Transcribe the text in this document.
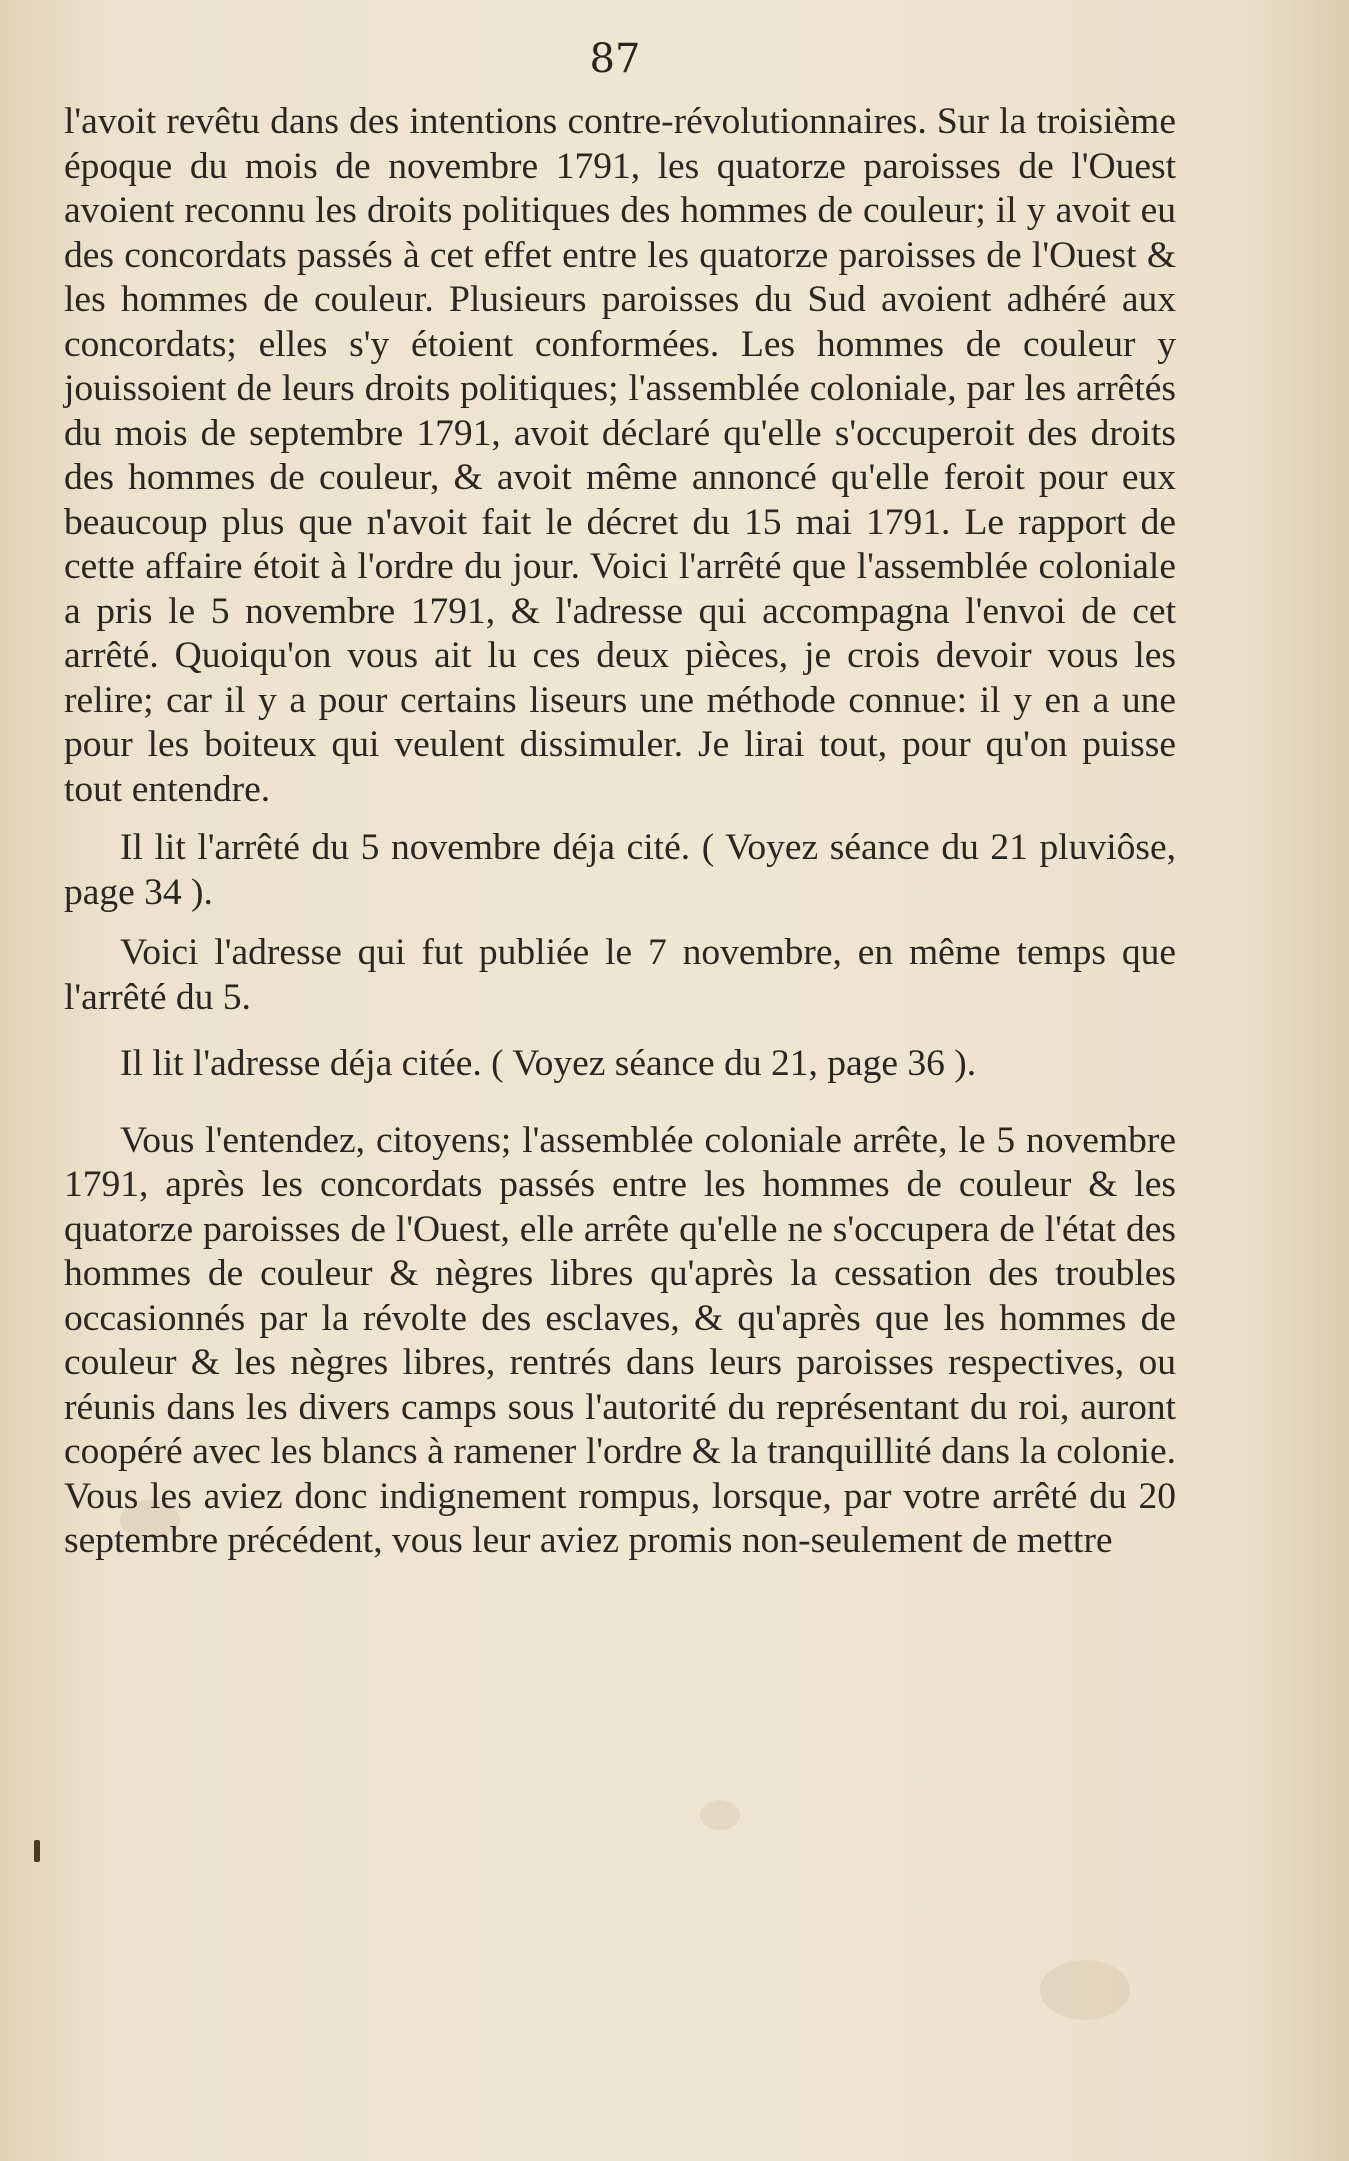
87

l'avoit revêtu dans des intentions contre-révolutionnaires. Sur la troisième époque du mois de novembre 1791, les quatorze paroisses de l'Ouest avoient reconnu les droits politiques des hommes de couleur; il y avoit eu des concordats passés à cet effet entre les quatorze paroisses de l'Ouest & les hommes de couleur. Plusieurs paroisses du Sud avoient adhéré aux concordats; elles s'y étoient conformées. Les hommes de couleur y jouissoient de leurs droits politiques; l'assemblée coloniale, par les arrêtés du mois de septembre 1791, avoit déclaré qu'elle s'occuperoit des droits des hommes de couleur, & avoit même annoncé qu'elle feroit pour eux beaucoup plus que n'avoit fait le décret du 15 mai 1791. Le rapport de cette affaire étoit à l'ordre du jour. Voici l'arrêté que l'assemblée coloniale a pris le 5 novembre 1791, & l'adresse qui accompagna l'envoi de cet arrêté. Quoiqu'on vous ait lu ces deux pièces, je crois devoir vous les relire; car il y a pour certains liseurs une méthode connue: il y en a une pour les boiteux qui veulent dissimuler. Je lirai tout, pour qu'on puisse tout entendre.

Il lit l'arrêté du 5 novembre déja cité. ( Voyez séance du 21 pluviôse, page 34 ).

Voici l'adresse qui fut publiée le 7 novembre, en même temps que l'arrêté du 5.

Il lit l'adresse déja citée. ( Voyez séance du 21, page 36 ).

Vous l'entendez, citoyens; l'assemblée coloniale arrête, le 5 novembre 1791, après les concordats passés entre les hommes de couleur & les quatorze paroisses de l'Ouest, elle arrête qu'elle ne s'occupera de l'état des hommes de couleur & nègres libres qu'après la cessation des troubles occasionnés par la révolte des esclaves, & qu'après que les hommes de couleur & les nègres libres, rentrés dans leurs paroisses respectives, ou réunis dans les divers camps sous l'autorité du représentant du roi, auront coopéré avec les blancs à ramener l'ordre & la tranquillité dans la colonie. Vous les aviez donc indignement rompus, lorsque, par votre arrêté du 20 septembre précédent, vous leur aviez promis non-seulement de mettre
